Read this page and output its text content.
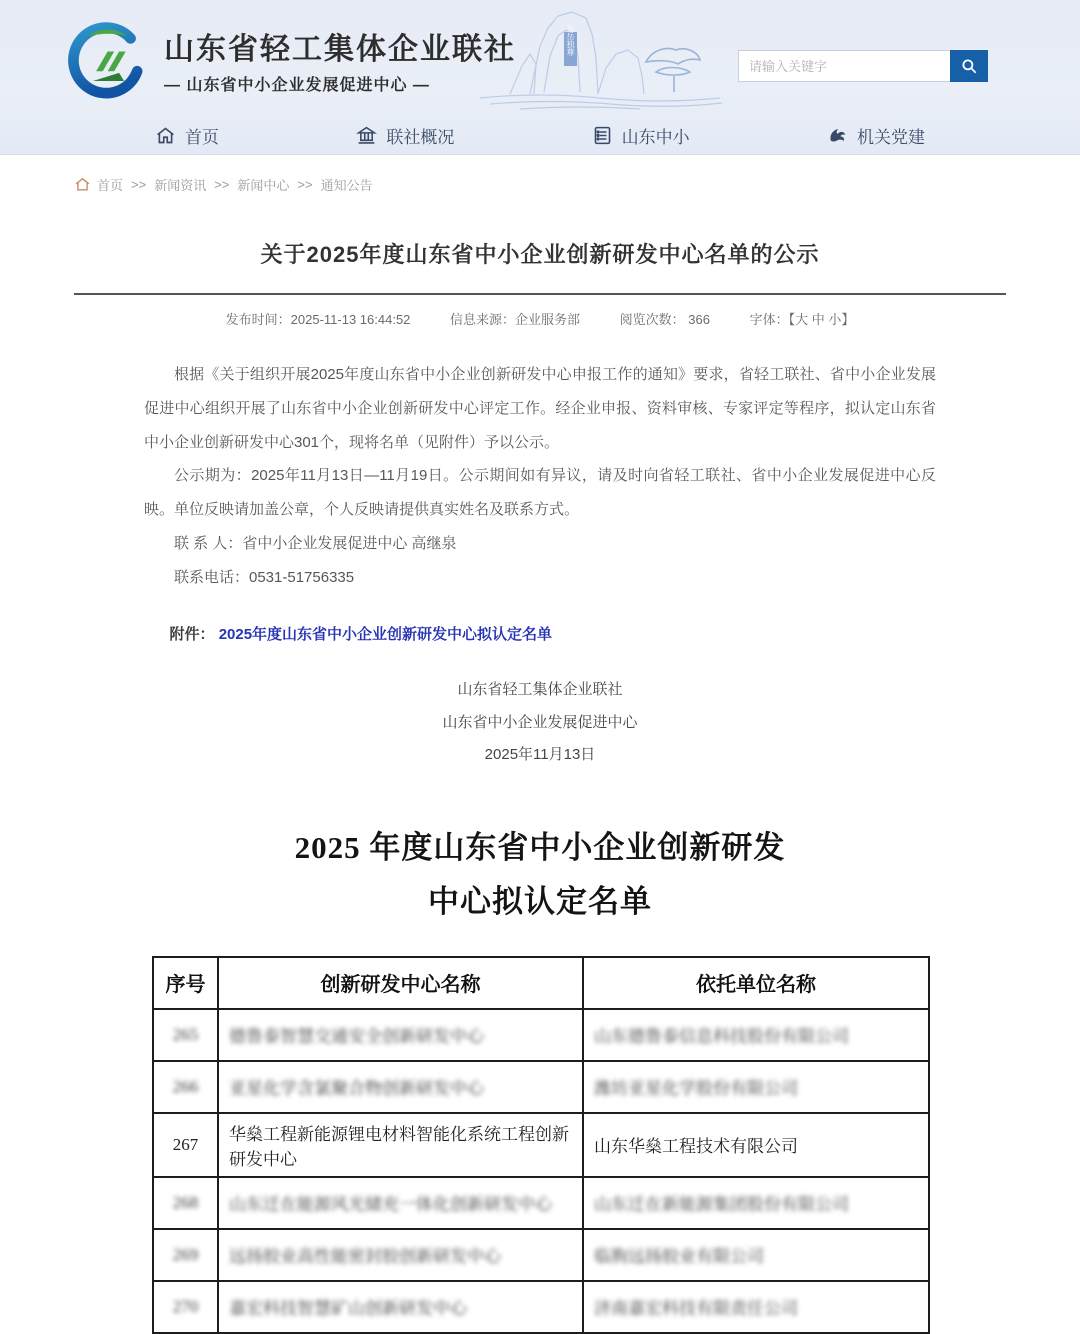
山东省轻工集体企业联社
— 山东省中小企业发展促进中心 —
五岳独尊
请输入关键字
首页	联社概况	山东中小	机关党建
首页 >> 新闻资讯 >> 新闻中心 >> 通知公告
关于2025年度山东省中小企业创新研发中心名单的公示
发布时间：2025-11-13 16:44:52	信息来源：企业服务部	阅览次数： 366	字体：【大 中 小】

根据《关于组织开展2025年度山东省中小企业创新研发中心申报工作的通知》要求，省轻工联社、省中小企业发展促进中心组织开展了山东省中小企业创新研发中心评定工作。经企业申报、资料审核、专家评定等程序，拟认定山东省中小企业创新研发中心301个，现将名单（见附件）予以公示。

公示期为：2025年11月13日—11月19日。公示期间如有异议，请及时向省轻工联社、省中小企业发展促进中心反映。单位反映请加盖公章，个人反映请提供真实姓名及联系方式。

联 系 人：省中小企业发展促进中心 高继泉
联系电话：0531-51756335
附件： 2025年度山东省中小企业创新研发中心拟认定名单
山东省轻工集体企业联社
山东省中小企业发展促进中心
2025年11月13日
2025 年度山东省中小企业创新研发
中心拟认定名单
序号	创新研发中心名称	依托单位名称
265	德鲁泰智慧交通安全创新研发中心	山东德鲁泰信息科技股份有限公司
266	亚星化学含氯聚合物创新研发中心	潍坊亚星化学股份有限公司
267	华燊工程新能源锂电材料智能化系统工程创新研发中心	山东华燊工程技术有限公司
268	山东迁在能源风光储充一体化创新研发中心	山东迁在新能源集团股份有限公司
269	远扬胶业高性能密封胶创新研发中心	临朐远扬胶业有限公司
270	嘉宏科技智慧矿山创新研发中心	济南嘉宏科技有限责任公司
